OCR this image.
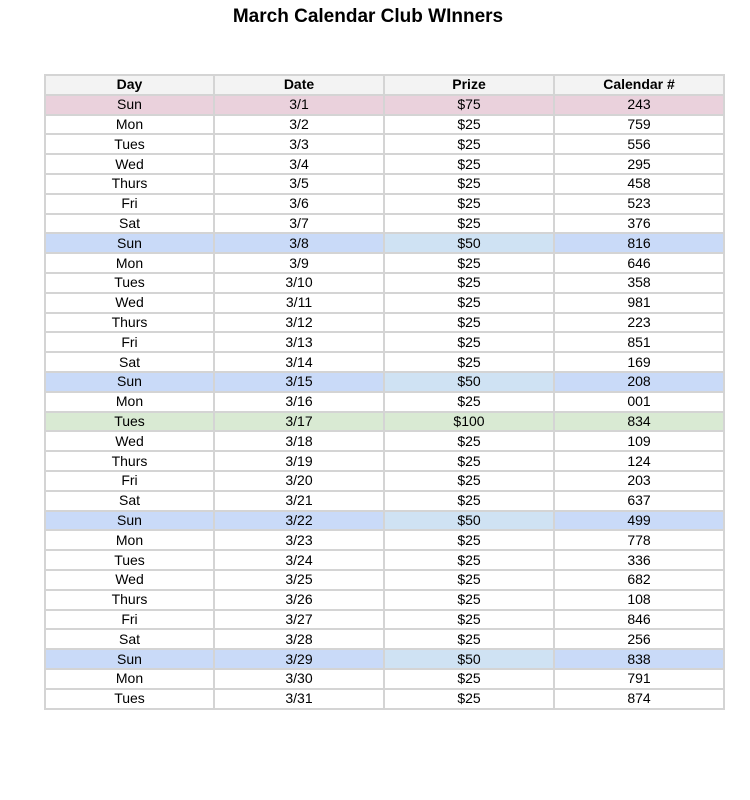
March Calendar Club WInners
Day	Date	Prize	Calendar #
Sun	3/1	$75	243
Mon	3/2	$25	759
Tues	3/3	$25	556
Wed	3/4	$25	295
Thurs	3/5	$25	458
Fri	3/6	$25	523
Sat	3/7	$25	376
Sun	3/8	$50	816
Mon	3/9	$25	646
Tues	3/10	$25	358
Wed	3/11	$25	981
Thurs	3/12	$25	223
Fri	3/13	$25	851
Sat	3/14	$25	169
Sun	3/15	$50	208
Mon	3/16	$25	001
Tues	3/17	$100	834
Wed	3/18	$25	109
Thurs	3/19	$25	124
Fri	3/20	$25	203
Sat	3/21	$25	637
Sun	3/22	$50	499
Mon	3/23	$25	778
Tues	3/24	$25	336
Wed	3/25	$25	682
Thurs	3/26	$25	108
Fri	3/27	$25	846
Sat	3/28	$25	256
Sun	3/29	$50	838
Mon	3/30	$25	791
Tues	3/31	$25	874
